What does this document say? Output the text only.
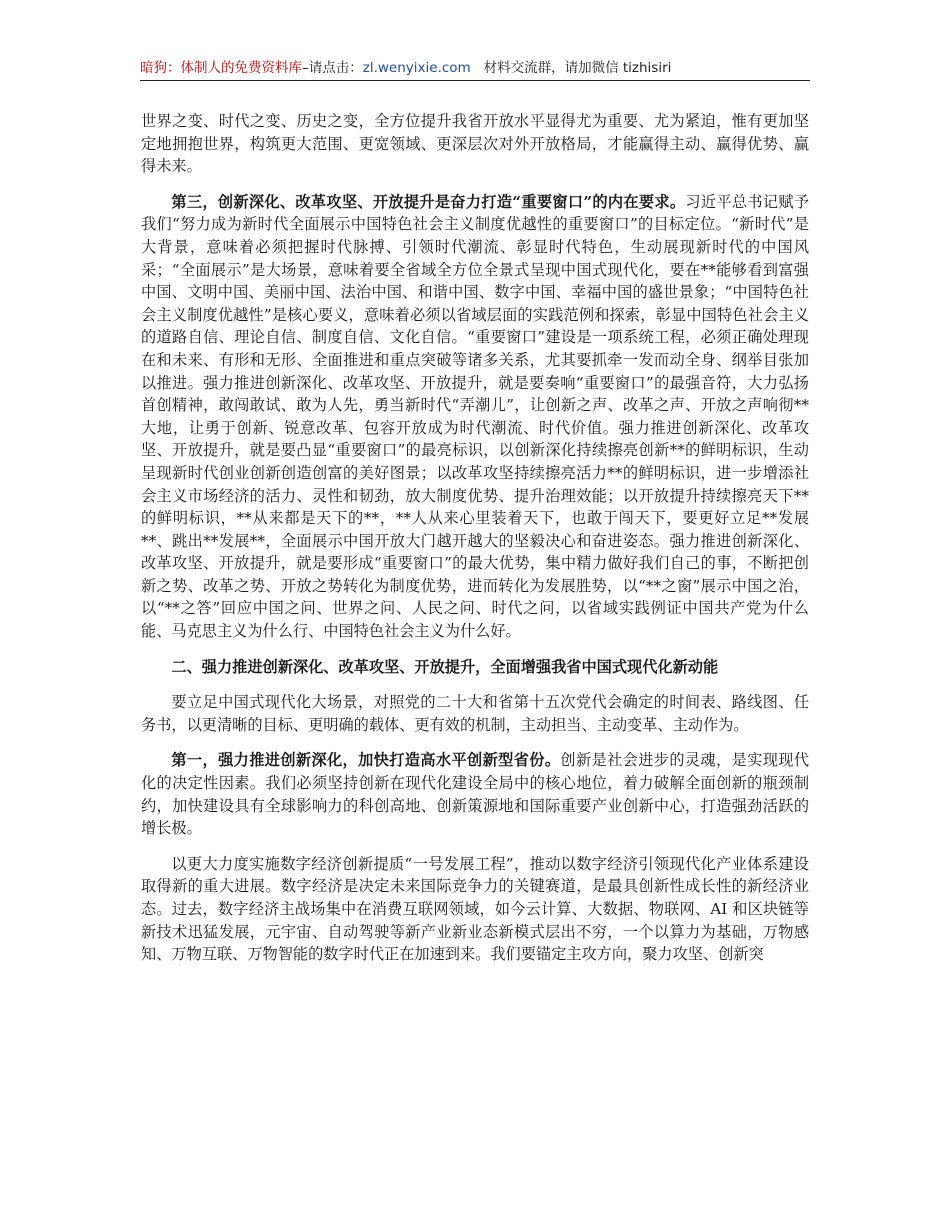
暗狗：体制人的免费资料库–请点击：zl.wenyixie.com 材料交流群，请加微信 tizhisiri

世界之变、时代之变、历史之变，全方位提升我省开放水平显得尤为重要、尤为紧迫，惟有更加坚定地拥抱世界，构筑更大范围、更宽领域、更深层次对外开放格局，才能赢得主动、赢得优势、赢得未来。

第三，创新深化、改革攻坚、开放提升是奋力打造“重要窗口”的内在要求。习近平总书记赋予我们“努力成为新时代全面展示中国特色社会主义制度优越性的重要窗口”的目标定位。“新时代”是大背景，意味着必须把握时代脉搏、引领时代潮流、彰显时代特色，生动展现新时代的中国风采；“全面展示”是大场景，意味着要全省域全方位全景式呈现中国式现代化，要在**能够看到富强中国、文明中国、美丽中国、法治中国、和谐中国、数字中国、幸福中国的盛世景象；“中国特色社会主义制度优越性”是核心要义，意味着必须以省域层面的实践范例和探索，彰显中国特色社会主义的道路自信、理论自信、制度自信、文化自信。“重要窗口”建设是一项系统工程，必须正确处理现在和未来、有形和无形、全面推进和重点突破等诸多关系，尤其要抓牵一发而动全身、纲举目张加以推进。强力推进创新深化、改革攻坚、开放提升，就是要奏响“重要窗口”的最强音符，大力弘扬首创精神，敢闯敢试、敢为人先，勇当新时代“弄潮儿”，让创新之声、改革之声、开放之声响彻**大地，让勇于创新、锐意改革、包容开放成为时代潮流、时代价值。强力推进创新深化、改革攻坚、开放提升，就是要凸显“重要窗口”的最亮标识，以创新深化持续擦亮创新**的鲜明标识，生动呈现新时代创业创新创造创富的美好图景；以改革攻坚持续擦亮活力**的鲜明标识，进一步增添社会主义市场经济的活力、灵性和韧劲，放大制度优势、提升治理效能；以开放提升持续擦亮天下**的鲜明标识，**从来都是天下的**，**人从来心里装着天下，也敢于闯天下，要更好立足**发展**、跳出**发展**，全面展示中国开放大门越开越大的坚毅决心和奋进姿态。强力推进创新深化、改革攻坚、开放提升，就是要形成“重要窗口”的最大优势，集中精力做好我们自己的事，不断把创新之势、改革之势、开放之势转化为制度优势，进而转化为发展胜势，以“**之窗”展示中国之治，以“**之答”回应中国之问、世界之问、人民之问、时代之问，以省域实践例证中国共产党为什么能、马克思主义为什么行、中国特色社会主义为什么好。

二、强力推进创新深化、改革攻坚、开放提升，全面增强我省中国式现代化新动能

要立足中国式现代化大场景，对照党的二十大和省第十五次党代会确定的时间表、路线图、任务书，以更清晰的目标、更明确的载体、更有效的机制，主动担当、主动变革、主动作为。

第一，强力推进创新深化，加快打造高水平创新型省份。创新是社会进步的灵魂，是实现现代化的决定性因素。我们必须坚持创新在现代化建设全局中的核心地位，着力破解全面创新的瓶颈制约，加快建设具有全球影响力的科创高地、创新策源地和国际重要产业创新中心，打造强劲活跃的增长极。

以更大力度实施数字经济创新提质“一号发展工程”，推动以数字经济引领现代化产业体系建设取得新的重大进展。数字经济是决定未来国际竞争力的关键赛道，是最具创新性成长性的新经济业态。过去，数字经济主战场集中在消费互联网领域，如今云计算、大数据、物联网、AI 和区块链等新技术迅猛发展，元宇宙、自动驾驶等新产业新业态新模式层出不穷，一个以算力为基础，万物感知、万物互联、万物智能的数字时代正在加速到来。我们要锚定主攻方向，聚力攻坚、创新突
